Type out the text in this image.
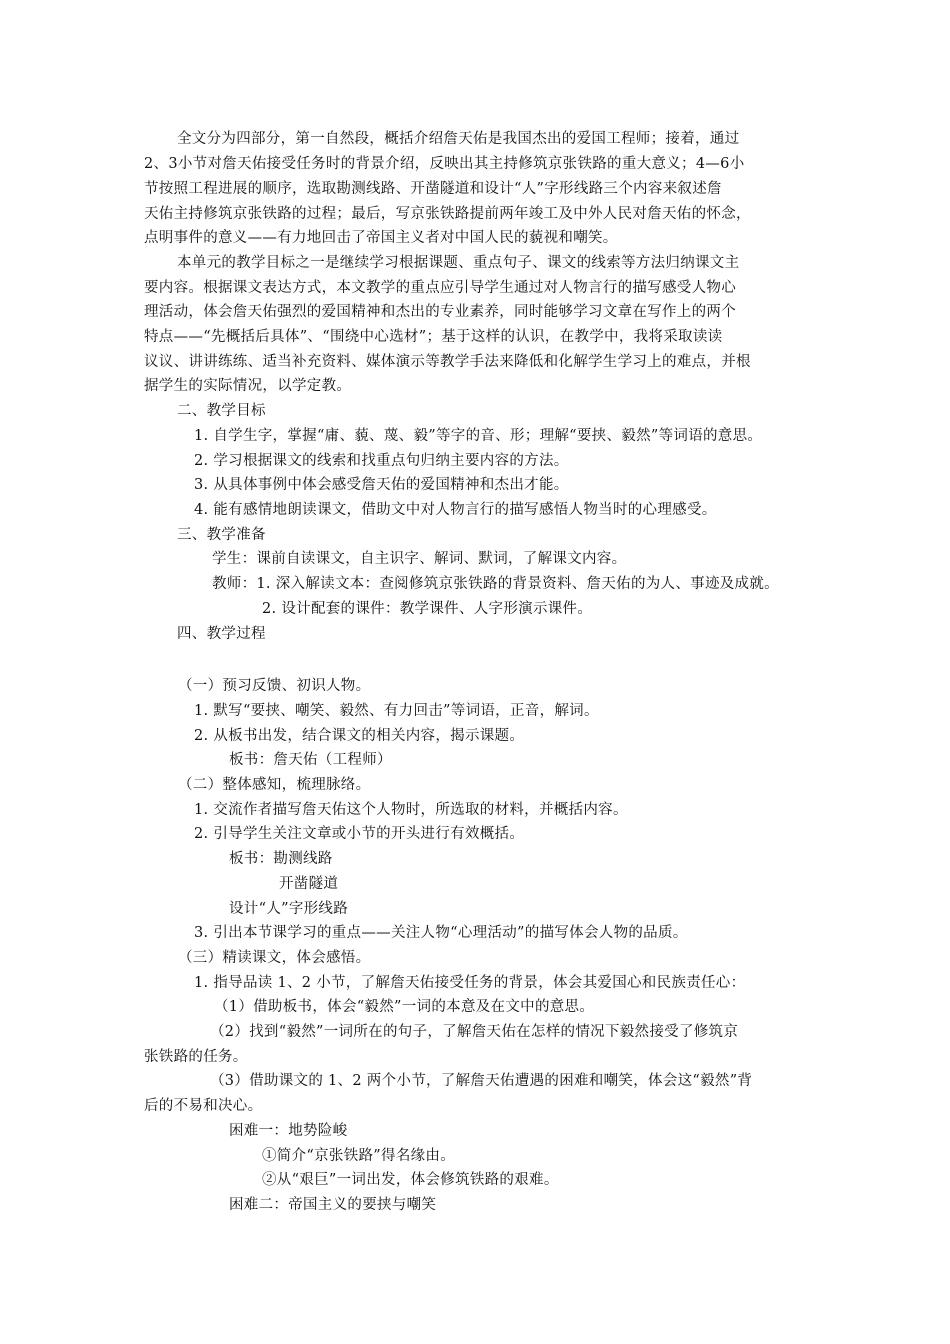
全文分为四部分，第一自然段，概括介绍詹天佑是我国杰出的爱国工程师；接着，通过
2、3小节对詹天佑接受任务时的背景介绍，反映出其主持修筑京张铁路的重大意义；4—6小
节按照工程进展的顺序，选取勘测线路、开凿隧道和设计“人”字形线路三个内容来叙述詹
天佑主持修筑京张铁路的过程；最后，写京张铁路提前两年竣工及中外人民对詹天佑的怀念，
点明事件的意义——有力地回击了帝国主义者对中国人民的藐视和嘲笑。
本单元的教学目标之一是继续学习根据课题、重点句子、课文的线索等方法归纳课文主
要内容。根据课文表达方式，本文教学的重点应引导学生通过对人物言行的描写感受人物心
理活动，体会詹天佑强烈的爱国精神和杰出的专业素养，同时能够学习文章在写作上的两个
特点——“先概括后具体”、“围绕中心选材”；基于这样的认识，在教学中，我将采取读读
议议、讲讲练练、适当补充资料、媒体演示等教学手法来降低和化解学生学习上的难点，并根
据学生的实际情况，以学定教。
二、教学目标
1. 自学生字，掌握“庸、藐、蔑、毅”等字的音、形；理解“要挟、毅然”等词语的意思。
2. 学习根据课文的线索和找重点句归纳主要内容的方法。
3. 从具体事例中体会感受詹天佑的爱国精神和杰出才能。
4. 能有感情地朗读课文，借助文中对人物言行的描写感悟人物当时的心理感受。
三、教学准备
学生：课前自读课文，自主识字、解词、默词，了解课文内容。
教师：1. 深入解读文本：查阅修筑京张铁路的背景资料、詹天佑的为人、事迹及成就。
2. 设计配套的课件：教学课件、人字形演示课件。
四、教学过程
（一）预习反馈、初识人物。
1. 默写“要挟、嘲笑、毅然、有力回击”等词语，正音，解词。
2. 从板书出发，结合课文的相关内容，揭示课题。
板书：詹天佑（工程师）
（二）整体感知，梳理脉络。
1. 交流作者描写詹天佑这个人物时，所选取的材料，并概括内容。
2. 引导学生关注文章或小节的开头进行有效概括。
板书：勘测线路
开凿隧道
设计“人”字形线路
3. 引出本节课学习的重点——关注人物“心理活动”的描写体会人物的品质。
（三）精读课文，体会感悟。
1. 指导品读 1、2 小节，了解詹天佑接受任务的背景，体会其爱国心和民族责任心：
（1）借助板书，体会“毅然”一词的本意及在文中的意思。
（2）找到“毅然”一词所在的句子，了解詹天佑在怎样的情况下毅然接受了修筑京
张铁路的任务。
（3）借助课文的 1、2 两个小节，了解詹天佑遭遇的困难和嘲笑，体会这“毅然”背
后的不易和决心。
困难一：地势险峻
①简介“京张铁路”得名缘由。
②从“艰巨”一词出发，体会修筑铁路的艰难。
困难二：帝国主义的要挟与嘲笑
